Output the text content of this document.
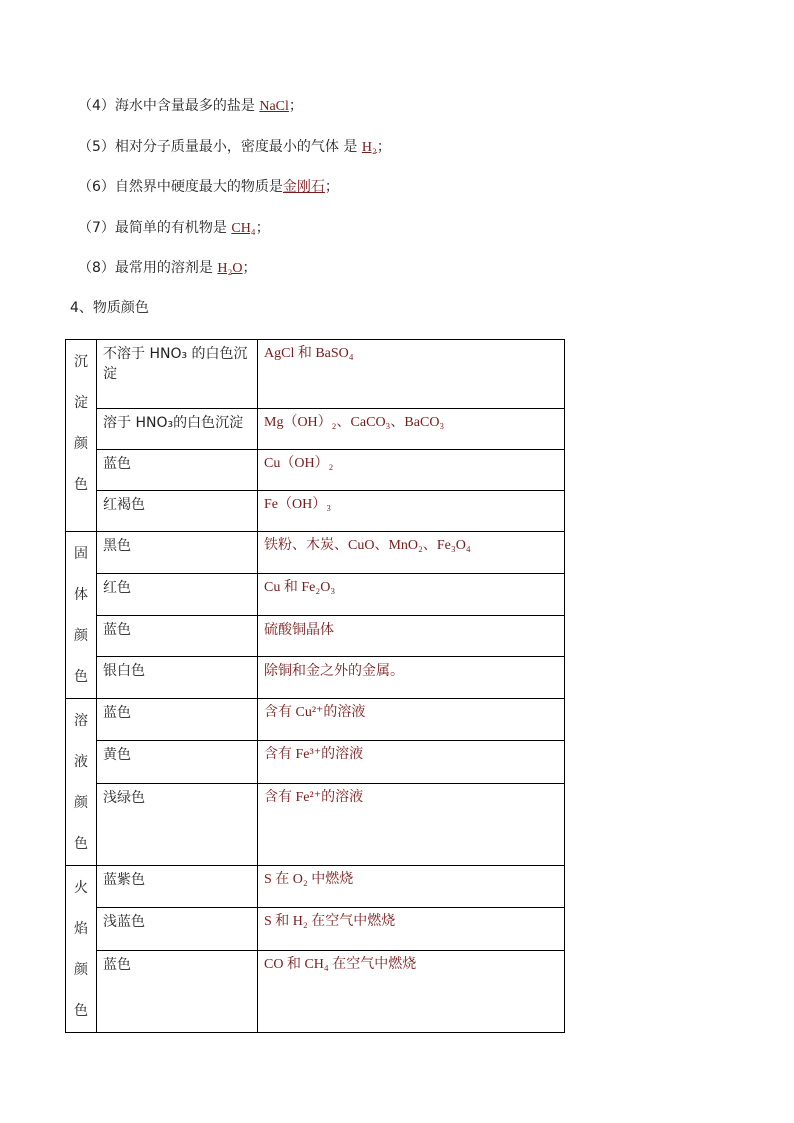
（4）海水中含量最多的盐是 NaCl；
（5）相对分子质量最小，密度最小的气体 是 H₂；
（6）自然界中硬度最大的物质是金刚石；
（7）最简单的有机物是 CH₄；
（8）最常用的溶剂是 H₂O；
4、物质颜色
沉淀颜色	不溶于 HNO₃ 的白色沉淀	AgCl 和 BaSO₄
	溶于 HNO₃的白色沉淀	Mg（OH）₂、CaCO₃、BaCO₃
	蓝色	Cu（OH）₂
	红褐色	Fe（OH）₃

固体颜色	黑色	铁粉、木炭、CuO、MnO₂、Fe₃O₄
	红色	Cu 和 Fe₂O₃
	蓝色	硫酸铜晶体
	银白色	除铜和金之外的金属。

溶液颜色	蓝色	含有 Cu²⁺的溶液
	黄色	含有 Fe³⁺的溶液
	浅绿色	含有 Fe²⁺的溶液

火焰颜色	蓝紫色	S 在 O₂ 中燃烧
	浅蓝色	S 和 H₂ 在空气中燃烧
	蓝色	CO 和 CH₄ 在空气中燃烧
